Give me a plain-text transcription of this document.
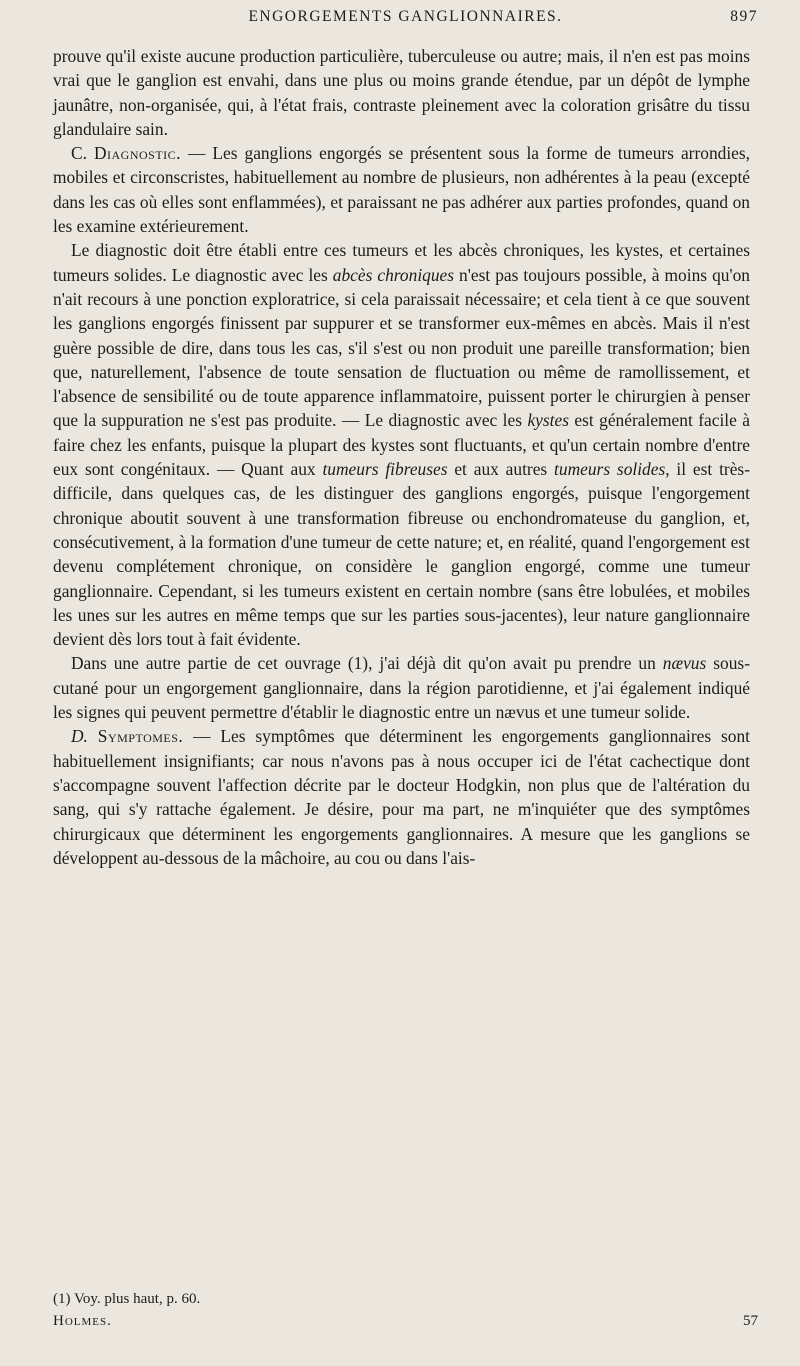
ENGORGEMENTS GANGLIONNAIRES.	897

prouve qu'il existe aucune production particulière, tuberculeuse ou autre; mais, il n'en est pas moins vrai que le ganglion est envahi, dans une plus ou moins grande étendue, par un dépôt de lymphe jaunâtre, non-organisée, qui, à l'état frais, contraste pleinement avec la coloration grisâtre du tissu glandulaire sain.

C. Diagnostic. — Les ganglions engorgés se présentent sous la forme de tumeurs arrondies, mobiles et circonscristes, habituellement au nombre de plusieurs, non adhérentes à la peau (excepté dans les cas où elles sont enflammées), et paraissant ne pas adhérer aux parties profondes, quand on les examine extérieurement.

Le diagnostic doit être établi entre ces tumeurs et les abcès chroniques, les kystes, et certaines tumeurs solides. Le diagnostic avec les abcès chroniques n'est pas toujours possible, à moins qu'on n'ait recours à une ponction exploratrice, si cela paraissait nécessaire; et cela tient à ce que souvent les ganglions engorgés finissent par suppurer et se transformer eux-mêmes en abcès. Mais il n'est guère possible de dire, dans tous les cas, s'il s'est ou non produit une pareille transformation; bien que, naturellement, l'absence de toute sensation de fluctuation ou même de ramollissement, et l'absence de sensibilité ou de toute apparence inflammatoire, puissent porter le chirurgien à penser que la suppuration ne s'est pas produite. — Le diagnostic avec les kystes est généralement facile à faire chez les enfants, puisque la plupart des kystes sont fluctuants, et qu'un certain nombre d'entre eux sont congénitaux. — Quant aux tumeurs fibreuses et aux autres tumeurs solides, il est très-difficile, dans quelques cas, de les distinguer des ganglions engorgés, puisque l'engorgement chronique aboutit souvent à une transformation fibreuse ou enchondromateuse du ganglion, et, consécutivement, à la formation d'une tumeur de cette nature; et, en réalité, quand l'engorgement est devenu complétement chronique, on considère le ganglion engorgé, comme une tumeur ganglionnaire. Cependant, si les tumeurs existent en certain nombre (sans être lobulées, et mobiles les unes sur les autres en même temps que sur les parties sous-jacentes), leur nature ganglionnaire devient dès lors tout à fait évidente.

Dans une autre partie de cet ouvrage (1), j'ai déjà dit qu'on avait pu prendre un nævus sous-cutané pour un engorgement ganglionnaire, dans la région parotidienne, et j'ai également indiqué les signes qui peuvent permettre d'établir le diagnostic entre un nævus et une tumeur solide.

D. Symptomes. — Les symptômes que déterminent les engorgements ganglionnaires sont habituellement insignifiants; car nous n'avons pas à nous occuper ici de l'état cachectique dont s'accompagne souvent l'affection décrite par le docteur Hodgkin, non plus que de l'altération du sang, qui s'y rattache également. Je désire, pour ma part, ne m'inquiéter que des symptômes chirurgicaux que déterminent les engorgements ganglionnaires. A mesure que les ganglions se développent au-dessous de la mâchoire, au cou ou dans l'ais-

(1) Voy. plus haut, p. 60.

Holmes.	57
